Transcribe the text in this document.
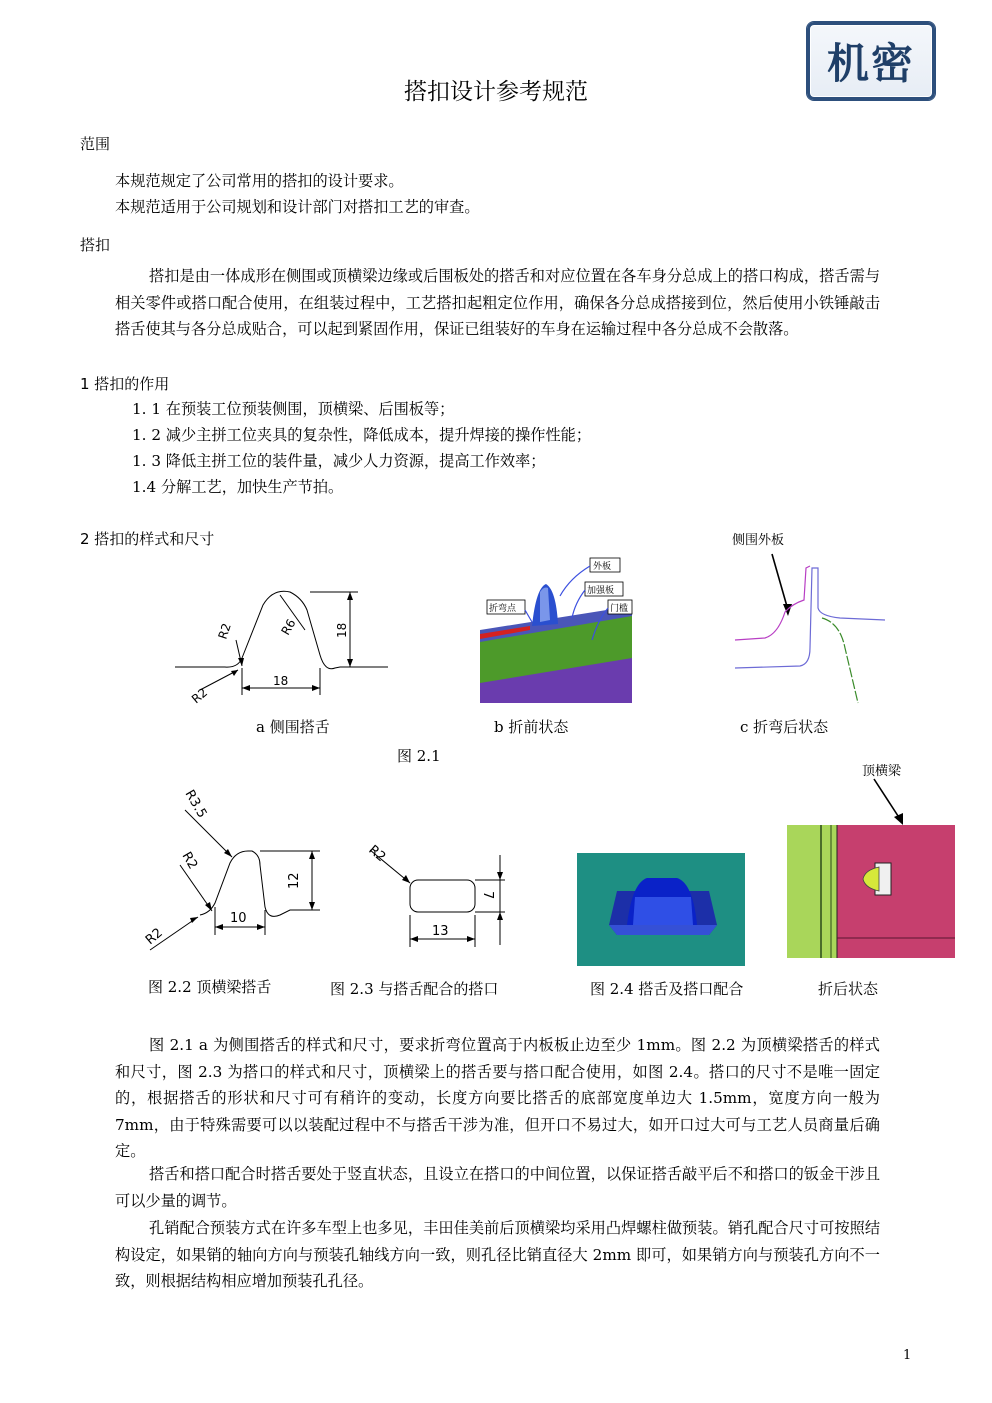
机密
搭扣设计参考规范
范围
本规范规定了公司常用的搭扣的设计要求。
本规范适用于公司规划和设计部门对搭扣工艺的审查。
搭扣
搭扣是由一体成形在侧围或顶横梁边缘或后围板处的搭舌和对应位置在各车身分总成上的搭口构成，搭舌需与相关零件或搭口配合使用，在组装过程中，工艺搭扣起粗定位作用，确保各分总成搭接到位，然后使用小铁锤敲击搭舌使其与各分总成贴合，可以起到紧固作用，保证已组装好的车身在运输过程中各分总成不会散落。
1 搭扣的作用
1. 1 在预装工位预装侧围，顶横梁、后围板等；
1. 2 减少主拼工位夹具的复杂性，降低成本，提升焊接的操作性能；
1. 3 降低主拼工位的装件量，减少人力资源，提高工作效率；
1.4 分解工艺，加快生产节拍。
2 搭扣的样式和尺寸
R2
R2
R6	18
18
外板
加强板
门槛
折弯点
侧围外板
a 侧围搭舌	b 折前状态	c 折弯后状态
图 2.1
顶横梁
R3.5
R2
R2
12
10
R2
7
13
图 2.2 顶横梁搭舌	图 2.3 与搭舌配合的搭口	图 2.4 搭舌及搭口配合	折后状态
图 2.1 a 为侧围搭舌的样式和尺寸，要求折弯位置高于内板板止边至少 1mm。图 2.2 为顶横梁搭舌的样式和尺寸，图 2.3 为搭口的样式和尺寸，顶横梁上的搭舌要与搭口配合使用，如图 2.4。搭口的尺寸不是唯一固定的，根据搭舌的形状和尺寸可有稍许的变动，长度方向要比搭舌的底部宽度单边大 1.5mm，宽度方向一般为 7mm，由于特殊需要可以以装配过程中不与搭舌干涉为准，但开口不易过大，如开口过大可与工艺人员商量后确定。
搭舌和搭口配合时搭舌要处于竖直状态，且设立在搭口的中间位置，以保证搭舌敲平后不和搭口的钣金干涉且可以少量的调节。
孔销配合预装方式在许多车型上也多见，丰田佳美前后顶横梁均采用凸焊螺柱做预装。销孔配合尺寸可按照结构设定，如果销的轴向方向与预装孔轴线方向一致，则孔径比销直径大 2mm 即可，如果销方向与预装孔方向不一致，则根据结构相应增加预装孔孔径。
1
